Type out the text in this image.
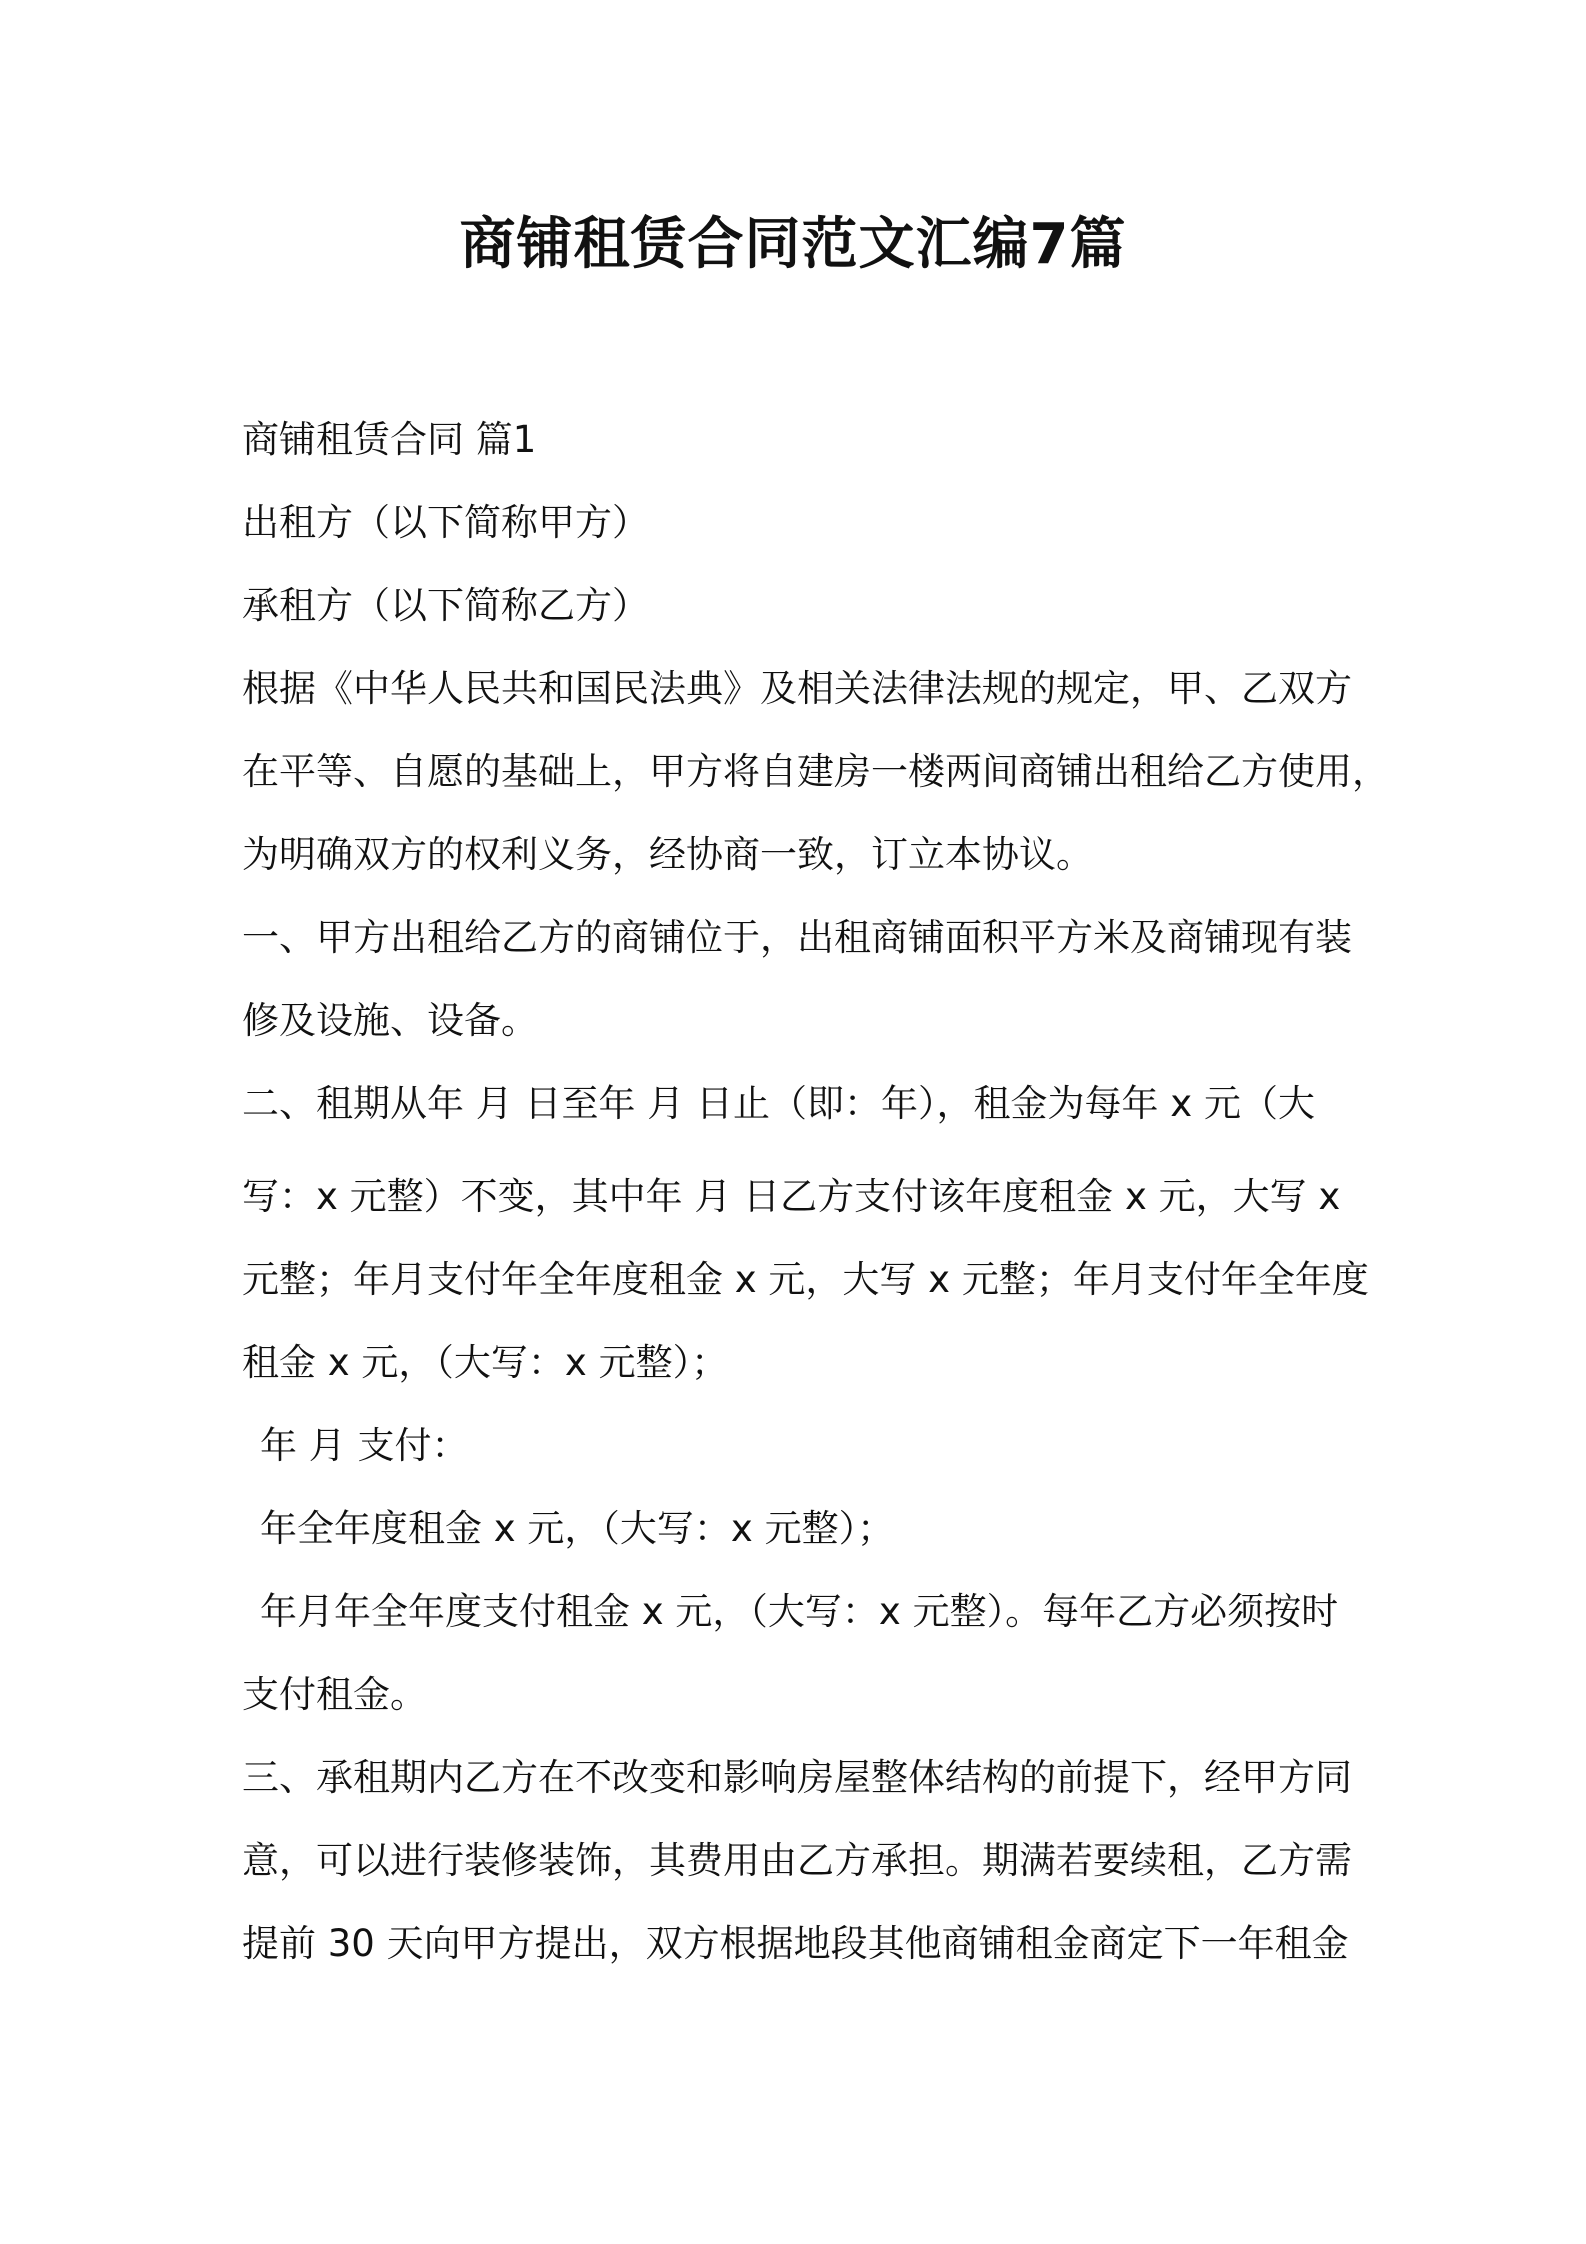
商铺租赁合同范文汇编7篇
商铺租赁合同 篇1
出租方（以下简称甲方）
承租方（以下简称乙方）
根据《中华人民共和国民法典》及相关法律法规的规定，甲、乙双方
在平等、自愿的基础上，甲方将自建房一楼两间商铺出租给乙方使用，
为明确双方的权利义务，经协商一致，订立本协议。
一、甲方出租给乙方的商铺位于，出租商铺面积平方米及商铺现有装
修及设施、设备。
二、租期从年 月 日至年 月 日止（即：年），租金为每年 x 元（大
写：x 元整）不变，其中年 月 日乙方支付该年度租金 x 元，大写 x
元整；年月支付年全年度租金 x 元，大写 x 元整；年月支付年全年度
租金 x 元，（大写：x 元整）；
年 月 支付：
年全年度租金 x 元，（大写：x 元整）；
年月年全年度支付租金 x 元，（大写：x 元整）。每年乙方必须按时
支付租金。
三、承租期内乙方在不改变和影响房屋整体结构的前提下，经甲方同
意，可以进行装修装饰，其费用由乙方承担。期满若要续租，乙方需
提前 30 天向甲方提出，双方根据地段其他商铺租金商定下一年租金
